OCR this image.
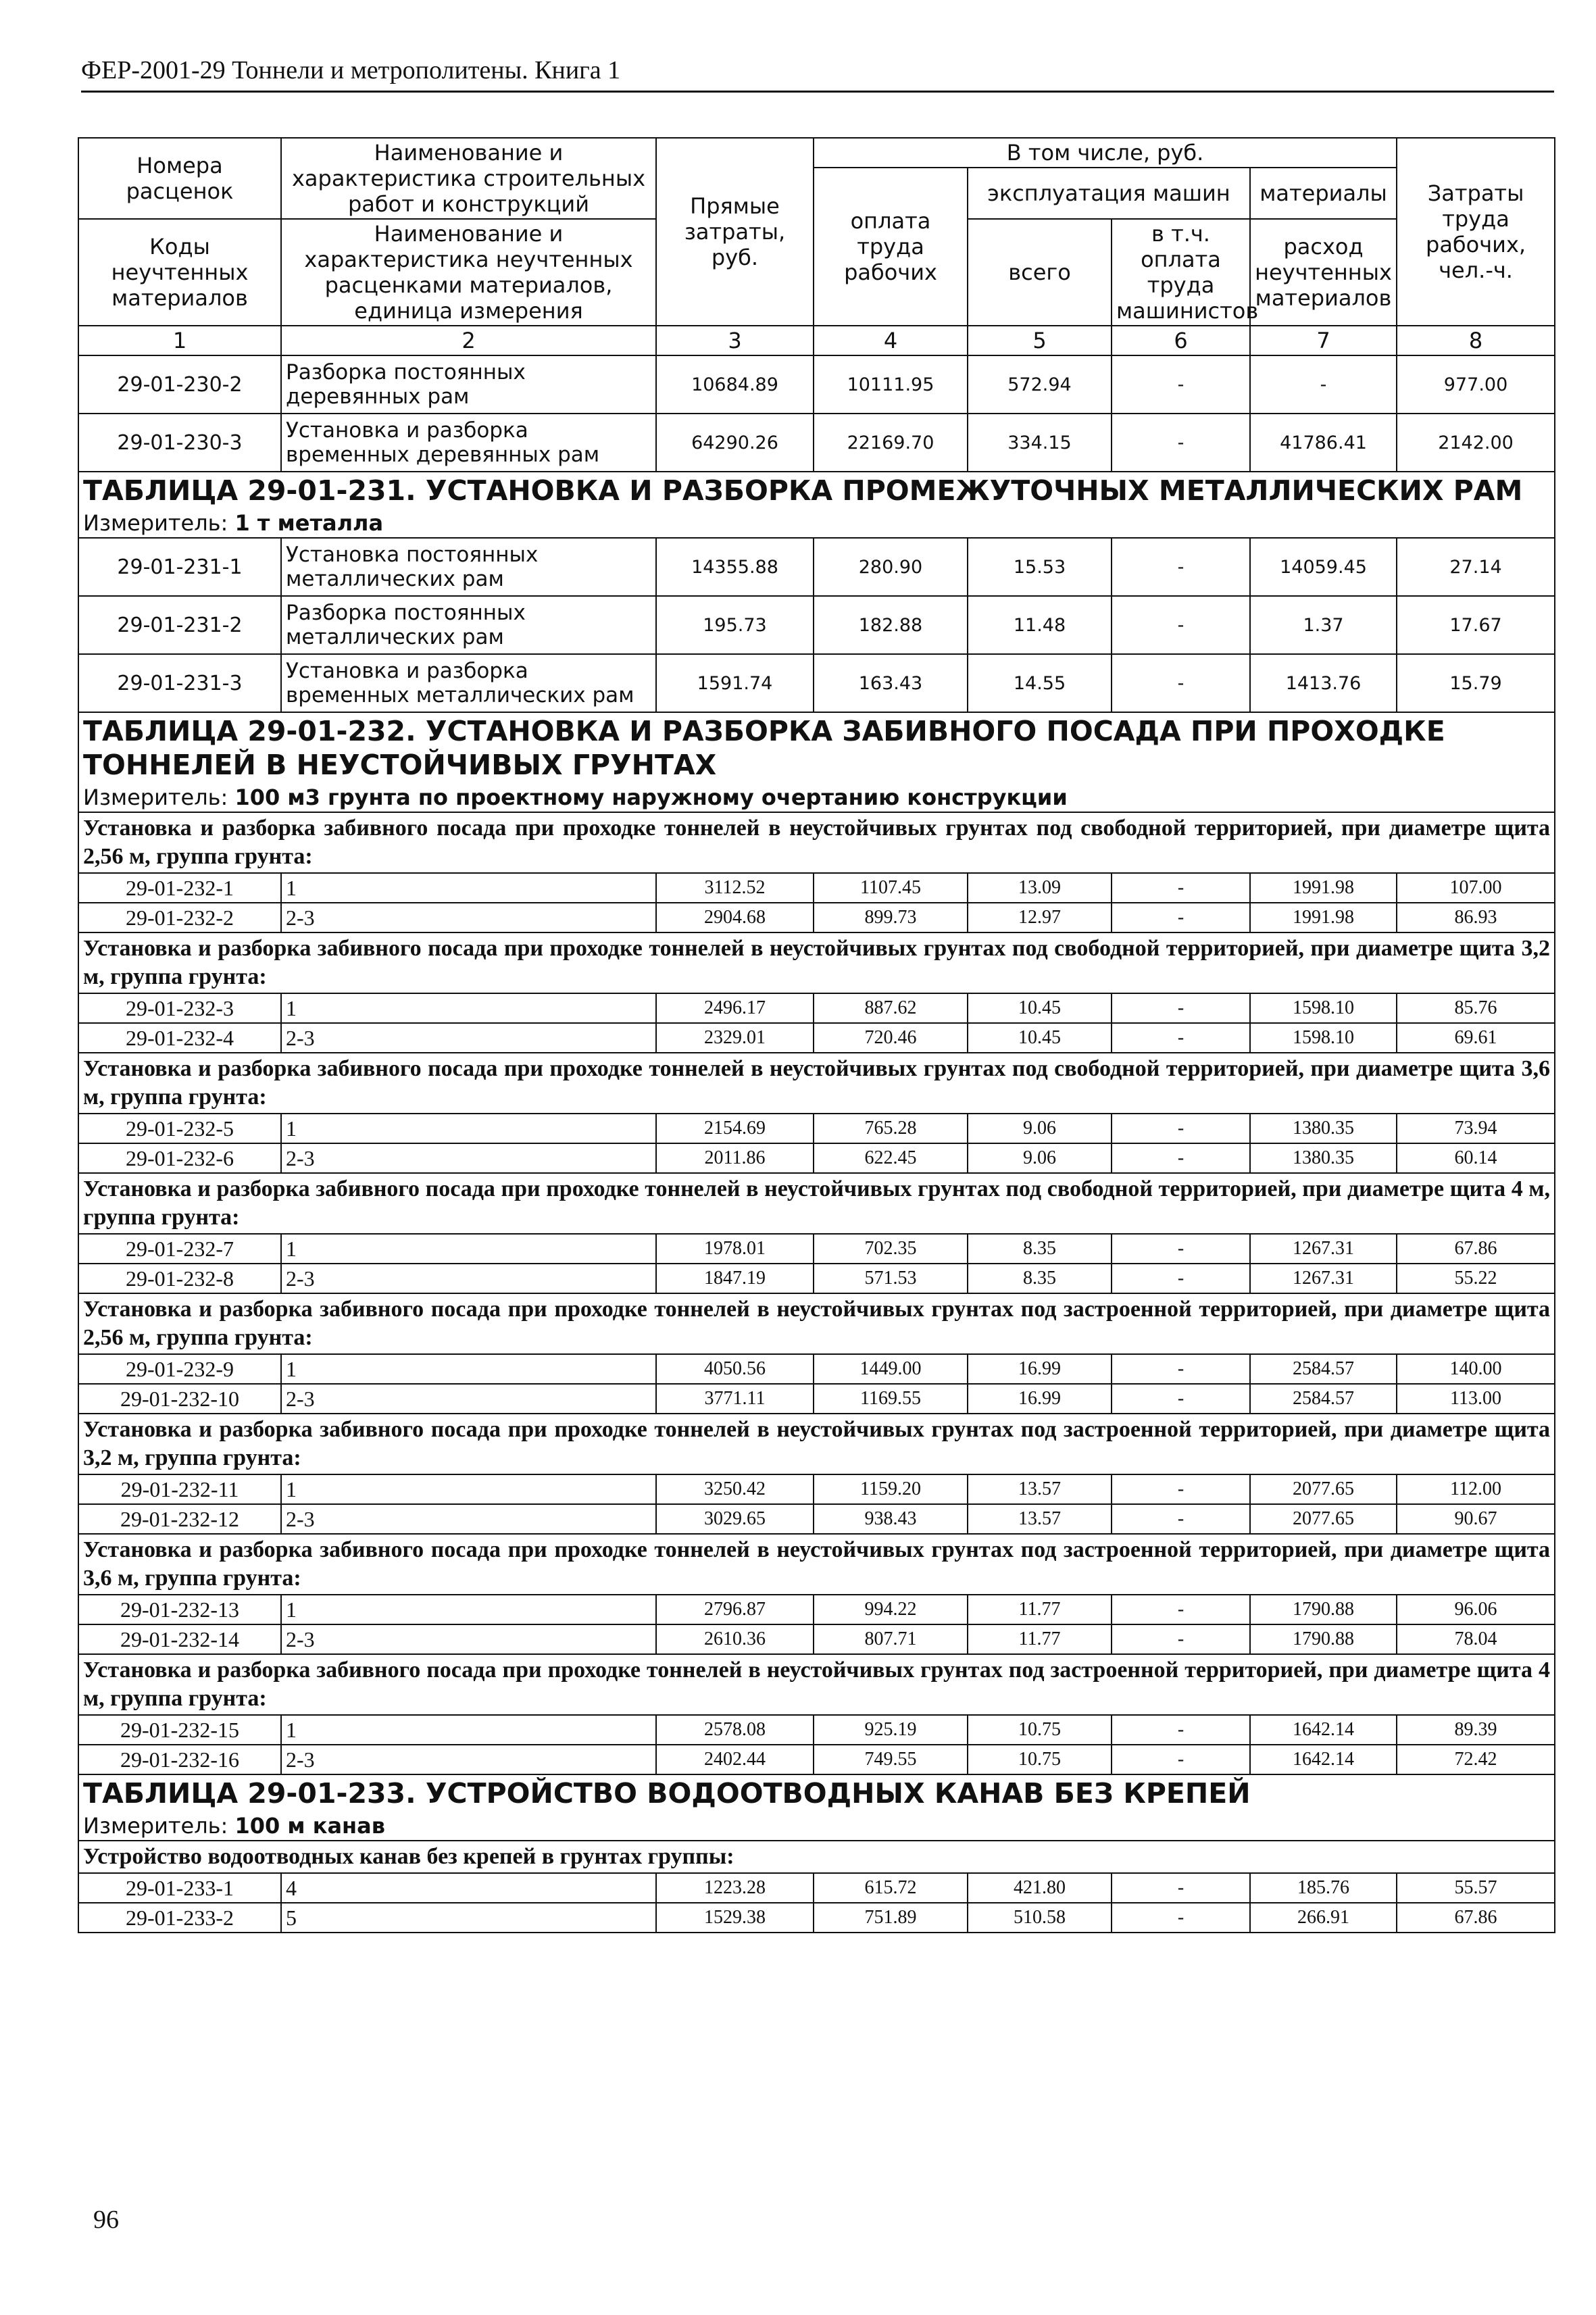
ФЕР-2001-29 Тоннели и метрополитены. Книга 1
Номера расценок	Наименование и характеристика строительных работ и конструкций	Прямые затраты, руб.	В том числе, руб.				Затраты труда рабочих, чел.-ч.
			оплата труда рабочих	эксплуатация машин		материалы	
Коды неучтенных материалов	Наименование и характеристика неучтенных расценками материалов, единица измерения			всего	в т.ч. оплата труда машинистов	расход неучтенных материалов	

1	2	3	4	5	6	7	8
29-01-230-2	Разборка постоянных деревянных рам	10684.89	10111.95	572.94	-	-	977.00
29-01-230-3	Установка и разборка временных деревянных рам	64290.26	22169.70	334.15	-	41786.41	2142.00
ТАБЛИЦА 29-01-231. УСТАНОВКА И РАЗБОРКА ПРОМЕЖУТОЧНЫХ МЕТАЛЛИЧЕСКИХ РАМ							
Измеритель: 1 т металла							
29-01-231-1	Установка постоянных металлических рам	14355.88	280.90	15.53	-	14059.45	27.14
29-01-231-2	Разборка постоянных металлических рам	195.73	182.88	11.48	-	1.37	17.67
29-01-231-3	Установка и разборка временных металлических рам	1591.74	163.43	14.55	-	1413.76	15.79
ТАБЛИЦА 29-01-232. УСТАНОВКА И РАЗБОРКА ЗАБИВНОГО ПОСАДА ПРИ ПРОХОДКЕ ТОННЕЛЕЙ В НЕУСТОЙЧИВЫХ ГРУНТАХ							
Измеритель: 100 м3 грунта по проектному наружному очертанию конструкции							
Установка и разборка забивного посада при проходке тоннелей в неустойчивых грунтах под свободной территорией, при диаметре щита 2,56 м, группа грунта:							
29-01-232-1	1	3112.52	1107.45	13.09	-	1991.98	107.00
29-01-232-2	2-3	2904.68	899.73	12.97	-	1991.98	86.93
Установка и разборка забивного посада при проходке тоннелей в неустойчивых грунтах под свободной территорией, при диаметре щита 3,2 м, группа грунта:							
29-01-232-3	1	2496.17	887.62	10.45	-	1598.10	85.76
29-01-232-4	2-3	2329.01	720.46	10.45	-	1598.10	69.61
Установка и разборка забивного посада при проходке тоннелей в неустойчивых грунтах под свободной территорией, при диаметре щита 3,6 м, группа грунта:							
29-01-232-5	1	2154.69	765.28	9.06	-	1380.35	73.94
29-01-232-6	2-3	2011.86	622.45	9.06	-	1380.35	60.14
Установка и разборка забивного посада при проходке тоннелей в неустойчивых грунтах под свободной территорией, при диаметре щита 4 м, группа грунта:							
29-01-232-7	1	1978.01	702.35	8.35	-	1267.31	67.86
29-01-232-8	2-3	1847.19	571.53	8.35	-	1267.31	55.22
Установка и разборка забивного посада при проходке тоннелей в неустойчивых грунтах под застроенной территорией, при диаметре щита 2,56 м, группа грунта:							
29-01-232-9	1	4050.56	1449.00	16.99	-	2584.57	140.00
29-01-232-10	2-3	3771.11	1169.55	16.99	-	2584.57	113.00
Установка и разборка забивного посада при проходке тоннелей в неустойчивых грунтах под застроенной территорией, при диаметре щита 3,2 м, группа грунта:							
29-01-232-11	1	3250.42	1159.20	13.57	-	2077.65	112.00
29-01-232-12	2-3	3029.65	938.43	13.57	-	2077.65	90.67
Установка и разборка забивного посада при проходке тоннелей в неустойчивых грунтах под застроенной территорией, при диаметре щита 3,6 м, группа грунта:							
29-01-232-13	1	2796.87	994.22	11.77	-	1790.88	96.06
29-01-232-14	2-3	2610.36	807.71	11.77	-	1790.88	78.04
Установка и разборка забивного посада при проходке тоннелей в неустойчивых грунтах под застроенной территорией, при диаметре щита 4 м, группа грунта:							
29-01-232-15	1	2578.08	925.19	10.75	-	1642.14	89.39
29-01-232-16	2-3	2402.44	749.55	10.75	-	1642.14	72.42
ТАБЛИЦА 29-01-233. УСТРОЙСТВО ВОДООТВОДНЫХ КАНАВ БЕЗ КРЕПЕЙ							
Измеритель: 100 м канав							
Устройство водоотводных канав без крепей в грунтах группы:							
29-01-233-1	4	1223.28	615.72	421.80	-	185.76	55.57
29-01-233-2	5	1529.38	751.89	510.58	-	266.91	67.86
96
